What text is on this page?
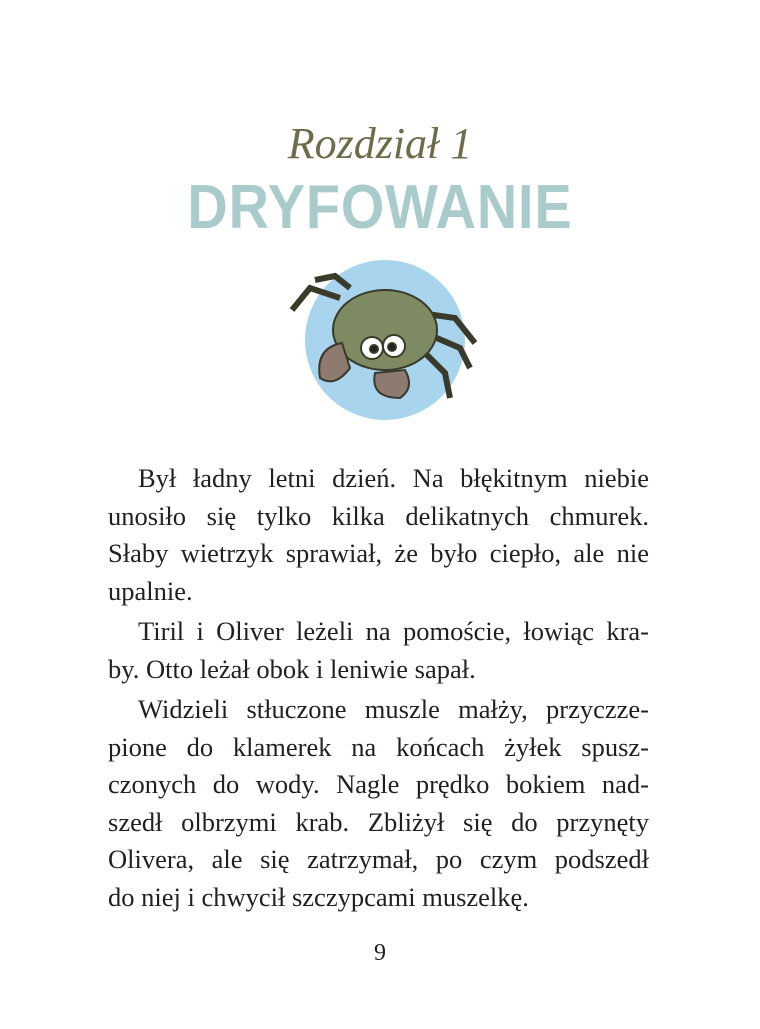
Rozdział 1
DRYFOWANIE
Był ładny letni dzień. Na błękitnym niebie
unosiło się tylko kilka delikatnych chmurek.
Słaby wietrzyk sprawiał, że było ciepło, ale nie
upalnie.
Tiril i Oliver leżeli na pomoście, łowiąc kra-
by. Otto leżał obok i leniwie sapał.
Widzieli stłuczone muszle małży, przyczze-
pione do klamerek na końcach żyłek spusz-
czonych do wody. Nagle prędko bokiem nad-
szedł olbrzymi krab. Zbliżył się do przynęty
Olivera, ale się zatrzymał, po czym podszedł
do niej i chwycił szczypcami muszelkę.
9
